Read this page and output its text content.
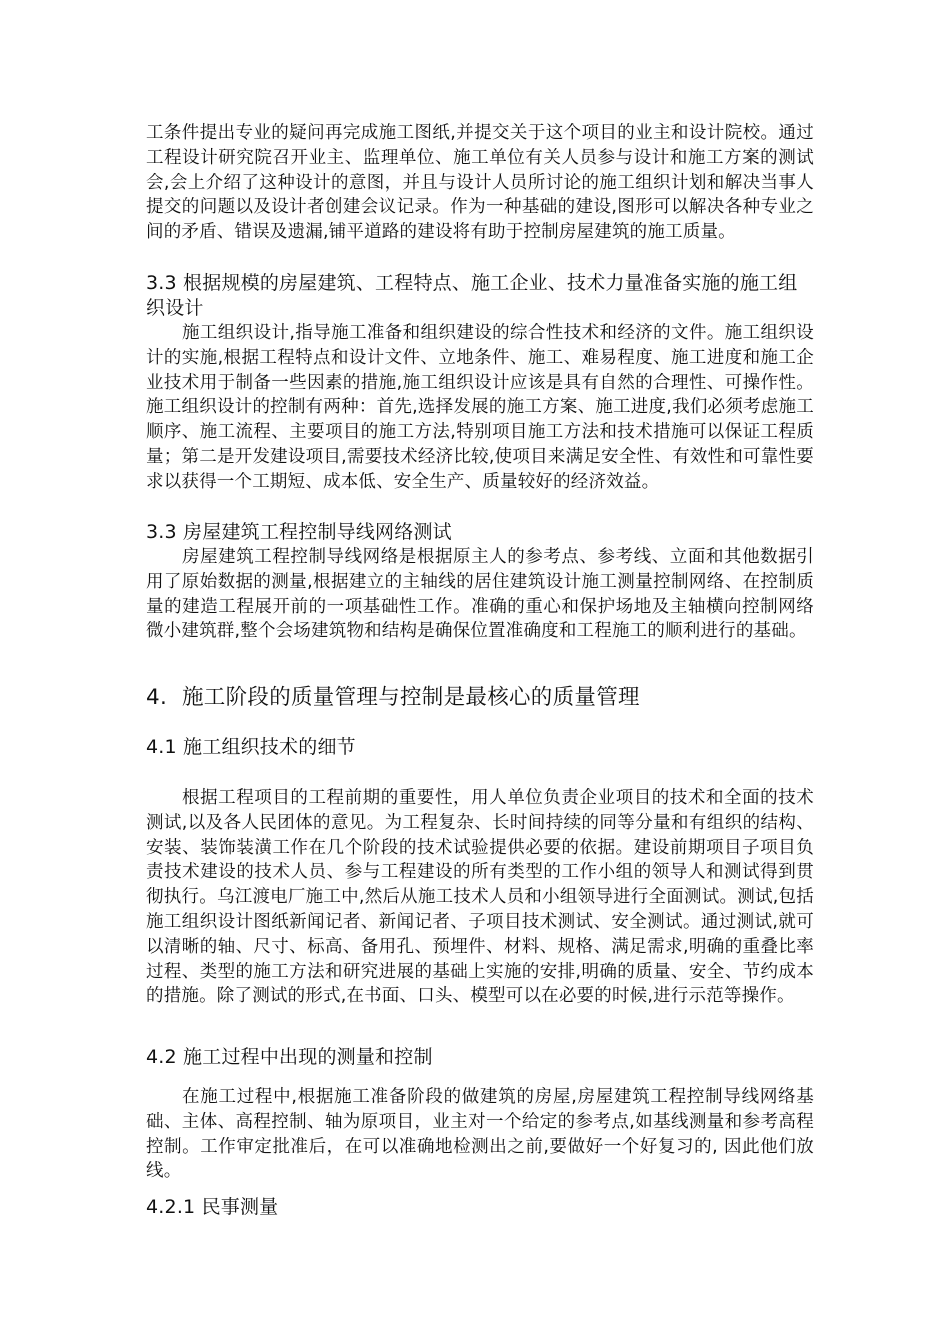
工条件提出专业的疑问再完成施工图纸,并提交关于这个项目的业主和设计院校。通过工程设计研究院召开业主、监理单位、施工单位有关人员参与设计和施工方案的测试会,会上介绍了这种设计的意图，并且与设计人员所讨论的施工组织计划和解决当事人提交的问题以及设计者创建会议记录。作为一种基础的建设,图形可以解决各种专业之间的矛盾、错误及遗漏,铺平道路的建设将有助于控制房屋建筑的施工质量。

3.3 根据规模的房屋建筑、工程特点、施工企业、技术力量准备实施的施工组织设计

施工组织设计,指导施工准备和组织建设的综合性技术和经济的文件。施工组织设计的实施,根据工程特点和设计文件、立地条件、施工、难易程度、施工进度和施工企业技术用于制备一些因素的措施,施工组织设计应该是具有自然的合理性、可操作性。施工组织设计的控制有两种：首先,选择发展的施工方案、施工进度,我们必须考虑施工顺序、施工流程、主要项目的施工方法,特别项目施工方法和技术措施可以保证工程质量；第二是开发建设项目,需要技术经济比较,使项目来满足安全性、有效性和可靠性要求以获得一个工期短、成本低、安全生产、质量较好的经济效益。

3.3 房屋建筑工程控制导线网络测试

房屋建筑工程控制导线网络是根据原主人的参考点、参考线、立面和其他数据引用了原始数据的测量,根据建立的主轴线的居住建筑设计施工测量控制网络、在控制质量的建造工程展开前的一项基础性工作。准确的重心和保护场地及主轴横向控制网络微小建筑群,整个会场建筑物和结构是确保位置准确度和工程施工的顺利进行的基础。

4. 施工阶段的质量管理与控制是最核心的质量管理
4.1 施工组织技术的细节

根据工程项目的工程前期的重要性，用人单位负责企业项目的技术和全面的技术测试,以及各人民团体的意见。为工程复杂、长时间持续的同等分量和有组织的结构、安装、装饰装潢工作在几个阶段的技术试验提供必要的依据。建设前期项目子项目负责技术建设的技术人员、参与工程建设的所有类型的工作小组的领导人和测试得到贯彻执行。乌江渡电厂施工中,然后从施工技术人员和小组领导进行全面测试。测试,包括施工组织设计图纸新闻记者、新闻记者、子项目技术测试、安全测试。通过测试,就可以清晰的轴、尺寸、标高、备用孔、预埋件、材料、规格、满足需求,明确的重叠比率过程、类型的施工方法和研究进展的基础上实施的安排,明确的质量、安全、节约成本的措施。除了测试的形式,在书面、口头、模型可以在必要的时候,进行示范等操作。

4.2 施工过程中出现的测量和控制

在施工过程中,根据施工准备阶段的做建筑的房屋,房屋建筑工程控制导线网络基础、主体、高程控制、轴为原项目，业主对一个给定的参考点,如基线测量和参考高程控制。工作审定批准后，在可以准确地检测出之前,要做好一个好复习的, 因此他们放线。

4.2.1 民事测量
